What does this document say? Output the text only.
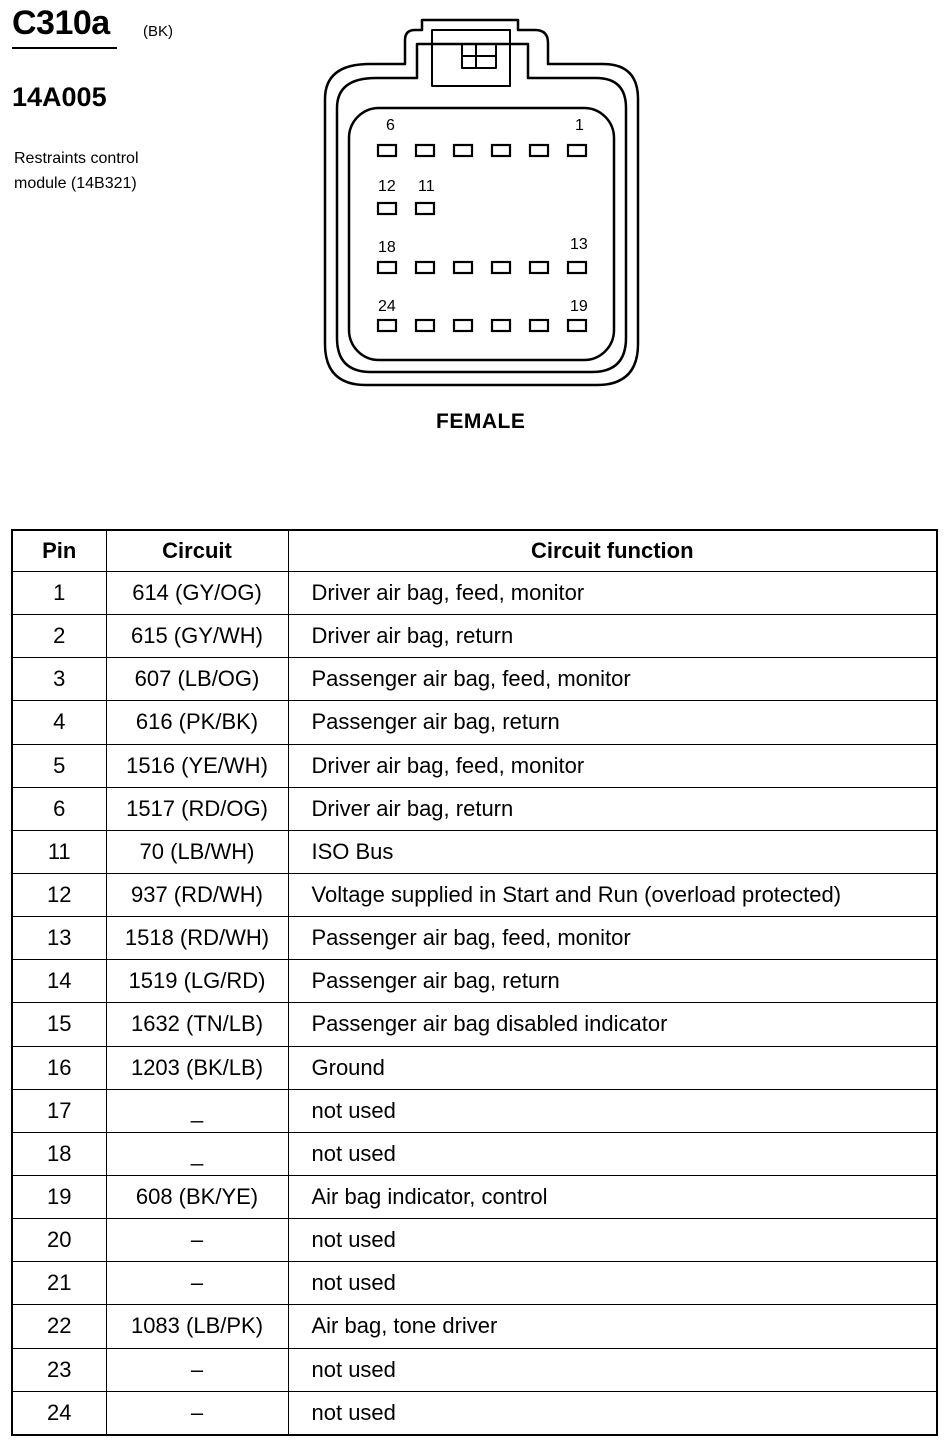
C310a (BK)
14A005
Restraints control
module (14B321)
6	1
12 11
18	13
24	19
FEMALE
Pin	Circuit	Circuit function
1	614 (GY/OG)	Driver air bag, feed, monitor
2	615 (GY/WH)	Driver air bag, return
3	607 (LB/OG)	Passenger air bag, feed, monitor
4	616 (PK/BK)	Passenger air bag, return
5	1516 (YE/WH)	Driver air bag, feed, monitor
6	1517 (RD/OG)	Driver air bag, return
11	70 (LB/WH)	ISO Bus
12	937 (RD/WH)	Voltage supplied in Start and Run (overload protected)
13	1518 (RD/WH)	Passenger air bag, feed, monitor
14	1519 (LG/RD)	Passenger air bag, return
15	1632 (TN/LB)	Passenger air bag disabled indicator
16	1203 (BK/LB)	Ground
17	_	not used
18	_	not used
19	608 (BK/YE)	Air bag indicator, control
20	–	not used
21	–	not used
22	1083 (LB/PK)	Air bag, tone driver
23	–	not used
24	–	not used
